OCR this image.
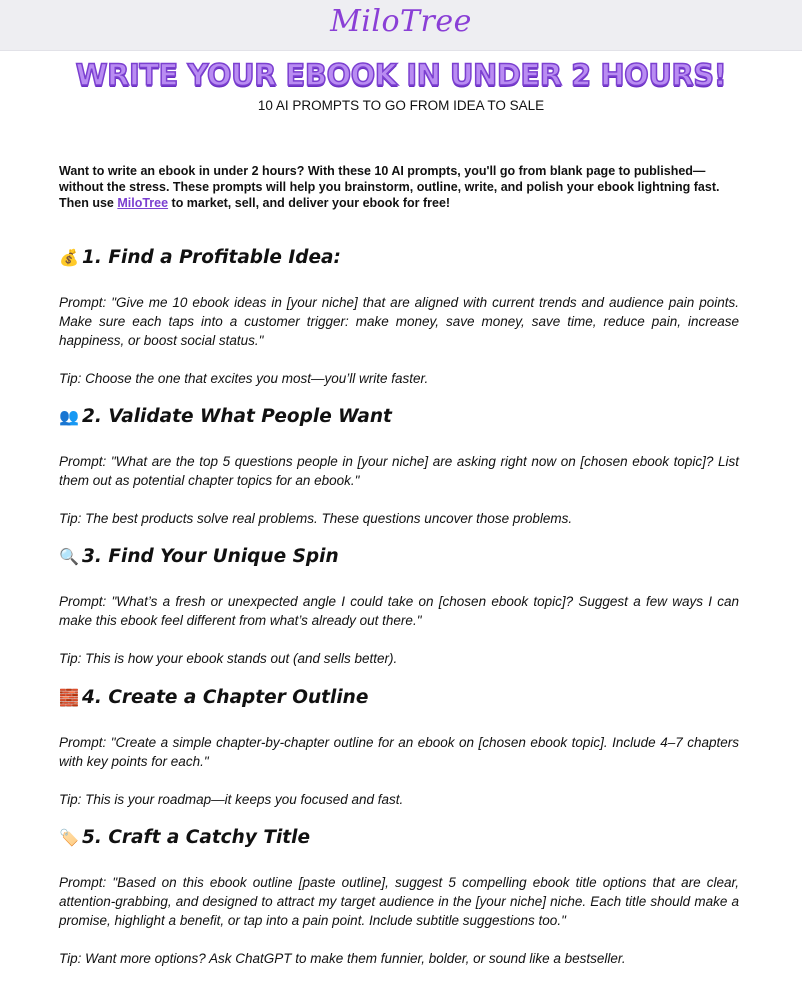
MiloTree
WRITE YOUR EBOOK IN UNDER 2 HOURS!
10 AI PROMPTS TO GO FROM IDEA TO SALE
Want to write an ebook in under 2 hours? With these 10 AI prompts, you'll go from blank page to published—without the stress. These prompts will help you brainstorm, outline, write, and polish your ebook lightning fast. Then use MiloTree to market, sell, and deliver your ebook for free!
💰 1. Find a Profitable Idea:
Prompt: "Give me 10 ebook ideas in [your niche] that are aligned with current trends and audience pain points. Make sure each taps into a customer trigger: make money, save money, save time, reduce pain, increase happiness, or boost social status."
Tip: Choose the one that excites you most—you’ll write faster.
👥 2. Validate What People Want
Prompt: "What are the top 5 questions people in [your niche] are asking right now on [chosen ebook topic]? List them out as potential chapter topics for an ebook."
Tip: The best products solve real problems. These questions uncover those problems.
🔍 3. Find Your Unique Spin
Prompt: "What’s a fresh or unexpected angle I could take on [chosen ebook topic]? Suggest a few ways I can make this ebook feel different from what’s already out there."
Tip: This is how your ebook stands out (and sells better).
🧱 4. Create a Chapter Outline
Prompt: "Create a simple chapter-by-chapter outline for an ebook on [chosen ebook topic]. Include 4–7 chapters with key points for each."
Tip: This is your roadmap—it keeps you focused and fast.
🏷️ 5. Craft a Catchy Title
Prompt: "Based on this ebook outline [paste outline], suggest 5 compelling ebook title options that are clear, attention-grabbing, and designed to attract my target audience in the [your niche] niche. Each title should make a promise, highlight a benefit, or tap into a pain point. Include subtitle suggestions too."
Tip: Want more options? Ask ChatGPT to make them funnier, bolder, or sound like a bestseller.
